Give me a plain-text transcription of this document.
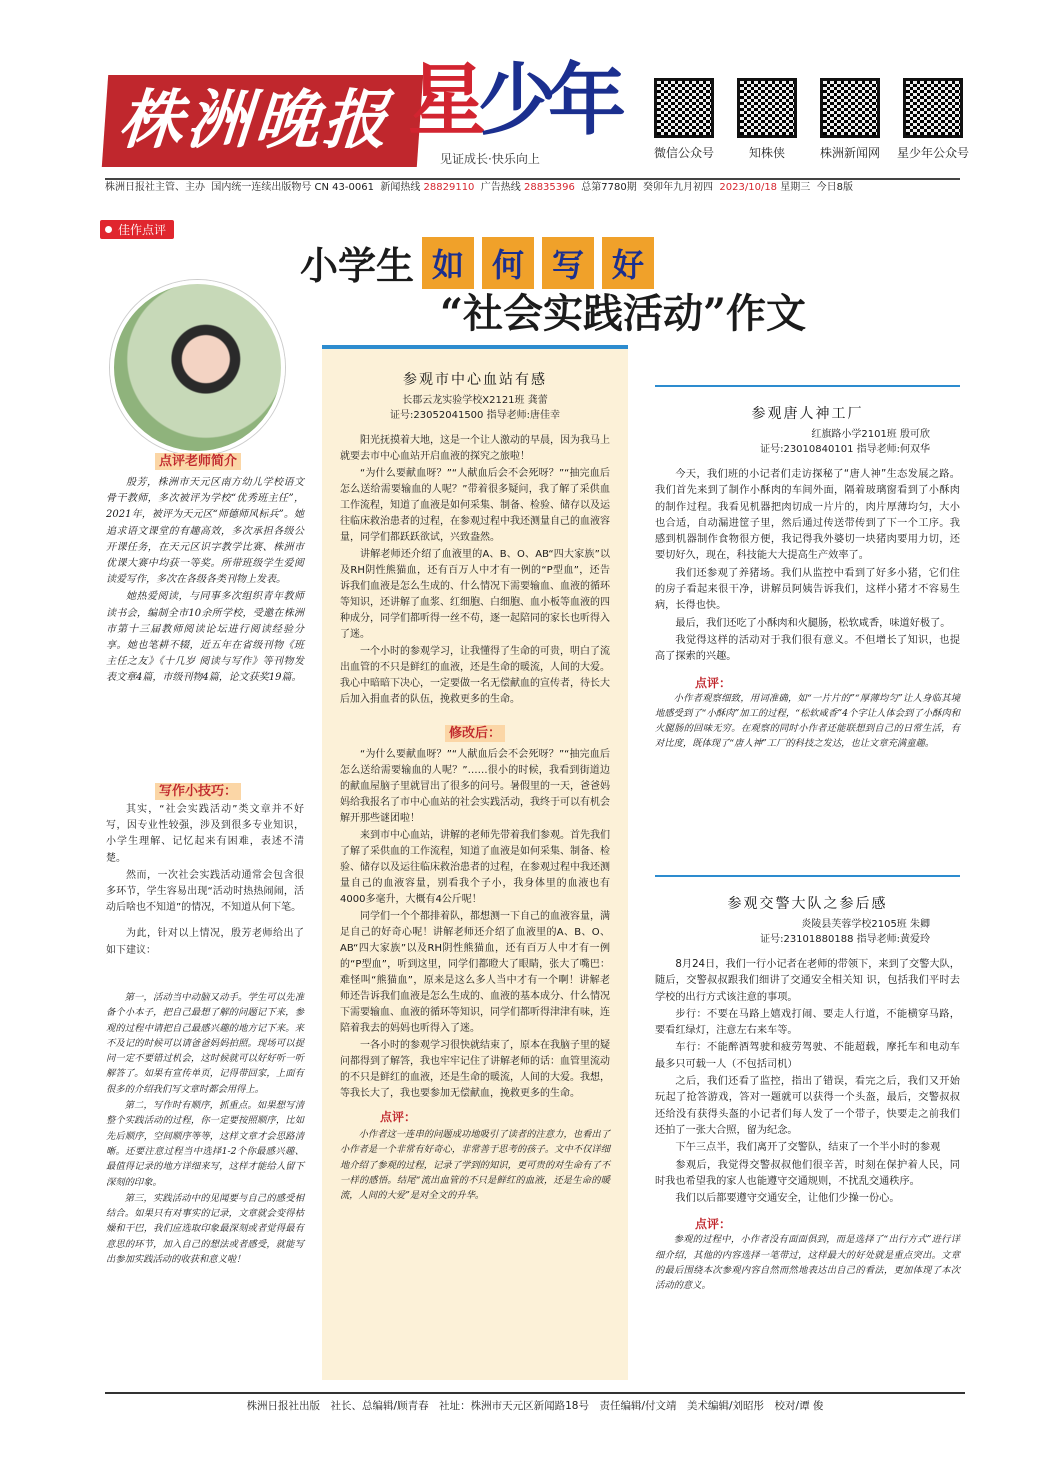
株洲晚报 星少年
见证成长·快乐向上	微信公众号	知株侠	株洲新闻网	星少年公众号
株洲日报社主管、主办 国内统一连续出版物号 CN 43-0061 新闻热线 28829110 广告热线 28835396 总第7780期 癸卯年九月初四 2023/10/18 星期三 今日8版
佳作点评
小学生 如 何 写 好
“社会实践活动”作文
点评老师简介

殷芳，株洲市天元区南方幼儿学校语文骨干教师，多次被评为学校“优秀班主任”，2021年，被评为天元区“师德师风标兵”。她追求语文课堂的有趣高效，多次承担各级公开课任务，在天元区识字教学比赛、株洲市优课大赛中均获一等奖。所带班级学生爱阅读爱写作，多次在各级各类刊物上发表。

她热爱阅读，与同事多次组织青年教师读书会，编制全市10余所学校，受邀在株洲市第十三届教师阅读论坛进行阅读经验分享。她也笔耕不辍，近五年在省级刊物《班主任之友》《十几岁 阅读与写作》等刊物发表文章4篇，市级刊物4篇，论文获奖19篇。

写作小技巧：

其实，“社会实践活动”类文章并不好写，因专业性较强，涉及到很多专业知识，小学生理解、记忆起来有困难，表述不清楚。

然而，一次社会实践活动通常会包含很多环节，学生容易出现“活动时热热闹闹，活动后啥也不知道”的情况，不知道从何下笔。

为此，针对以上情况，殷芳老师给出了如下建议：

第一，活动当中动脑又动手。学生可以先准备个小本子，把自己最想了解的问题记下来，参观的过程中请把自己最感兴趣的地方记下来。来不及记的时候可以请爸爸妈妈拍照。现场可以提问一定不要错过机会，这时候就可以好好听一听解答了。如果有宣传单页，记得带回家，上面有很多的介绍我们写文章时都会用得上。

第二，写作时有顺序，抓重点。如果想写清整个实践活动的过程，你一定要按照顺序，比如先后顺序，空间顺序等等，这样文章才会思路清晰。还要注意过程当中选择1-2个你最感兴趣、最值得记录的地方详细来写，这样才能给人留下深刻的印象。

第三，实践活动中的见闻要与自己的感受相结合。如果只有对事实的记录，文章就会变得枯燥和干巴，我们应选取印象最深刻或者觉得最有意思的环节，加入自己的想法或者感受，就能写出参加实践活动的收获和意义啦！

参观市中心血站有感
长郡云龙实验学校X2121班 龚蕾
证号:23052041500 指导老师:唐佳幸

阳光抚摸着大地，这是一个让人激动的早晨，因为我马上就要去市中心血站开启血液的探究之旅啦！

“为什么要献血呀？”“人献血后会不会死呀？”“抽完血后怎么送给需要输血的人呢？”带着很多疑问，我了解了采供血工作流程，知道了血液是如何采集、制备、检验、储存以及运往临床救治患者的过程，在参观过程中我还测量自己的血液容量，同学们都跃跃欲试，兴致盎然。

讲解老师还介绍了血液里的A、B、O、AB“四大家族”以及RH阴性熊猫血，还有百万人中才有一例的“P型血”，还告诉我们血液是怎么生成的、什么情况下需要输血、血液的循环等知识，还讲解了血浆、红细胞、白细胞、血小板等血液的四种成分，同学们都听得一丝不苟，逐一起陪同的家长也听得入了迷。

一个小时的参观学习，让我懂得了生命的可贵，明白了流出血管的不只是鲜红的血液，还是生命的暖流，人间的大爱。我心中暗暗下决心，一定要做一名无偿献血的宣传者，待长大后加入捐血者的队伍，挽救更多的生命。

修改后：

“为什么要献血呀？”“人献血后会不会死呀？”“抽完血后怎么送给需要输血的人呢？”……很小的时候，我看到街道边的献血屋脑子里就冒出了很多的问号。暑假里的一天，爸爸妈妈给我报名了市中心血站的社会实践活动，我终于可以有机会解开那些谜团啦！

来到市中心血站，讲解的老师先带着我们参观。首先我们了解了采供血的工作流程，知道了血液是如何采集、制备、检验、储存以及运往临床救治患者的过程，在参观过程中我还测量自己的血液容量，别看我个子小，我身体里的血液也有4000多毫升，大概有4公斤呢！

同学们一个个都排着队，都想测一下自己的血液容量，满足自己的好奇心呢！讲解老师还介绍了血液里的A、B、O、AB“四大家族”以及RH阴性熊猫血，还有百万人中才有一例的“P型血”，听到这里，同学们都瞪大了眼睛，张大了嘴巴：难怪叫“熊猫血”，原来是这么多人当中才有一个啊！讲解老师还告诉我们血液是怎么生成的、血液的基本成分、什么情况下需要输血、血液的循环等知识，同学们都听得津津有味，连陪着我去的妈妈也听得入了迷。

一各小时的参观学习很快就结束了，原本在我脑子里的疑问都得到了解答，我也牢牢记住了讲解老师的话：血管里流动的不只是鲜红的血液，还是生命的暖流，人间的大爱。我想，等我长大了，我也要参加无偿献血，挽救更多的生命。

点评：

小作者这一连串的问题成功地吸引了读者的注意力，也看出了小作者是一个非常有好奇心，非常善于思考的孩子。文中不仅详细地介绍了参观的过程，记录了学到的知识，更可贵的对生命有了不一样的感悟。结尾“流出血管的不只是鲜红的血液，还是生命的暖流，人间的大爱”是对全文的升华。

参观唐人神工厂
红旗路小学2101班 殷可欣
证号:23010840101 指导老师:何双华

今天，我们班的小记者们走访探秘了“唐人神”生态发展之路。我们首先来到了制作小酥肉的车间外面，隔着玻璃窗看到了小酥肉的制作过程。我看见机器把肉切成一片片的，肉片厚薄均匀，大小也合适，自动漏进筐子里，然后通过传送带传到了下一个工序。我感到机器制作食物很方便，我记得我外婆切一块猪肉要用力切，还要切好久，现在，科技能大大提高生产效率了。

我们还参观了养猪场。我们从监控中看到了好多小猪，它们住的房子看起来很干净，讲解员阿姨告诉我们，这样小猪才不容易生病，长得也快。

最后，我们还吃了小酥肉和火腿肠，松软咸香，味道好极了。

我觉得这样的活动对于我们很有意义。不但增长了知识，也提高了探索的兴趣。

点评：

小作者观察细致，用词准确，如“一片片的”“厚薄均匀”让人身临其境地感受到了“小酥肉”加工的过程，“松软咸香”4个字让人体会到了小酥肉和火腿肠的回味无穷。在观察的同时小作者还能联想到自己的日常生活，有对比度，既体现了“唐人神”工厂的科技之发达，也让文章充满童趣。

参观交警大队之参后感
炎陵县芙蓉学校2105班 朱卿
证号:23101880188 指导老师:黄爱玲

8月24日，我们一行小记者在老师的带领下，来到了交警大队，随后，交警叔叔跟我们细讲了交通安全相关知 识，包括我们平时去学校的出行方式该注意的事项。

步行：不要在马路上嬉戏打闹、要走人行道，不能横穿马路，要看红绿灯，注意左右来车等。

车行：不能醉酒驾驶和疲劳驾驶、不能超载，摩托车和电动车最多只可载一人（不包括司机）

之后，我们还看了监控，指出了错误，看完之后，我们又开始玩起了抢答游戏，答对一题就可以获得一个头盔，最后，交警叔叔还给没有获得头盔的小记者们每人发了一个带子，快要走之前我们还拍了一张大合照，留为纪念。

下午三点半，我们离开了交警队，结束了一个半小时的参观

参观后，我觉得交警叔叔他们很辛苦，时刻在保护着人民，同时我也希望我的家人也能遵守交通规则，不扰乱交通秩序。

我们以后都要遵守交通安全，让他们少操一份心。

点评：

参观的过程中，小作者没有面面俱到，而是选择了“出行方式”进行详细介绍，其他的内容选择一笔带过，这样最大的好处就是重点突出。文章的最后围绕本次参观内容自然而然地表达出自己的看法，更加体现了本次活动的意义。

株洲日报社出版　社长、总编辑/顾青春　社址：株洲市天元区新闻路18号　责任编辑/付文靖　美术编辑/刘昭彤　校对/谭 俊
